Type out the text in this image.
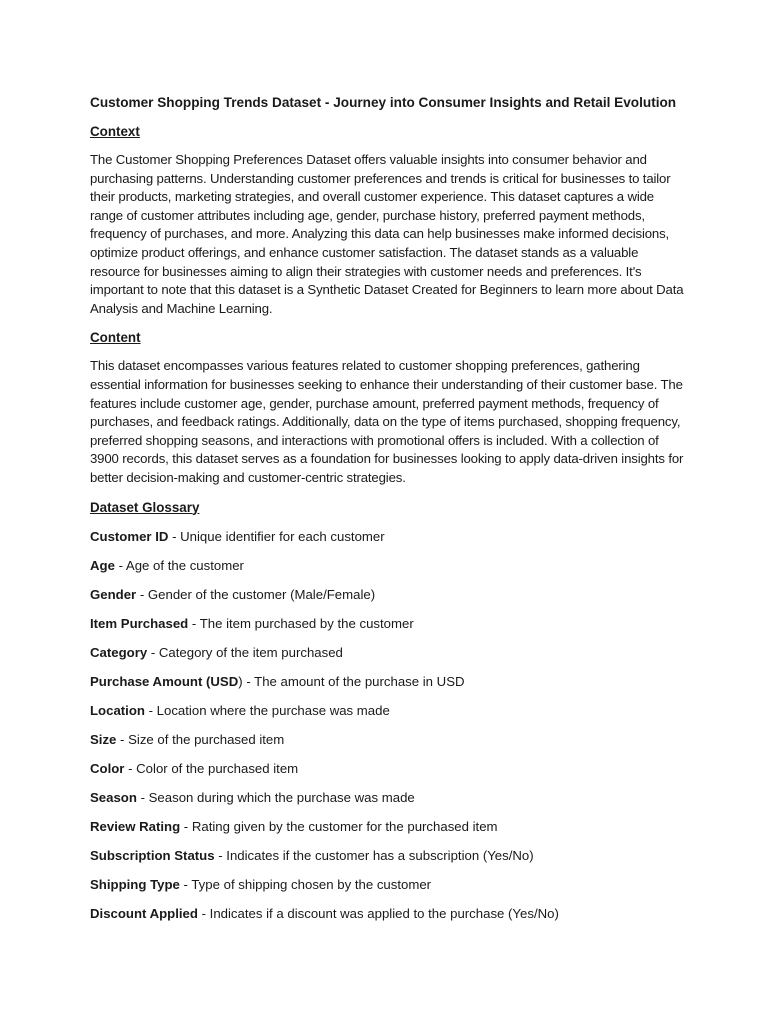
Customer Shopping Trends Dataset - Journey into Consumer Insights and Retail Evolution
Context

The Customer Shopping Preferences Dataset offers valuable insights into consumer behavior and purchasing patterns. Understanding customer preferences and trends is critical for businesses to tailor their products, marketing strategies, and overall customer experience. This dataset captures a wide range of customer attributes including age, gender, purchase history, preferred payment methods, frequency of purchases, and more. Analyzing this data can help businesses make informed decisions, optimize product offerings, and enhance customer satisfaction. The dataset stands as a valuable resource for businesses aiming to align their strategies with customer needs and preferences. It's important to note that this dataset is a Synthetic Dataset Created for Beginners to learn more about Data Analysis and Machine Learning.

Content

This dataset encompasses various features related to customer shopping preferences, gathering essential information for businesses seeking to enhance their understanding of their customer base. The features include customer age, gender, purchase amount, preferred payment methods, frequency of purchases, and feedback ratings. Additionally, data on the type of items purchased, shopping frequency, preferred shopping seasons, and interactions with promotional offers is included. With a collection of 3900 records, this dataset serves as a foundation for businesses looking to apply data-driven insights for better decision-making and customer-centric strategies.

Dataset Glossary
Customer ID - Unique identifier for each customer
Age - Age of the customer
Gender - Gender of the customer (Male/Female)
Item Purchased - The item purchased by the customer
Category - Category of the item purchased
Purchase Amount (USD) - The amount of the purchase in USD
Location - Location where the purchase was made
Size - Size of the purchased item
Color - Color of the purchased item
Season - Season during which the purchase was made
Review Rating - Rating given by the customer for the purchased item
Subscription Status - Indicates if the customer has a subscription (Yes/No)
Shipping Type - Type of shipping chosen by the customer
Discount Applied - Indicates if a discount was applied to the purchase (Yes/No)
